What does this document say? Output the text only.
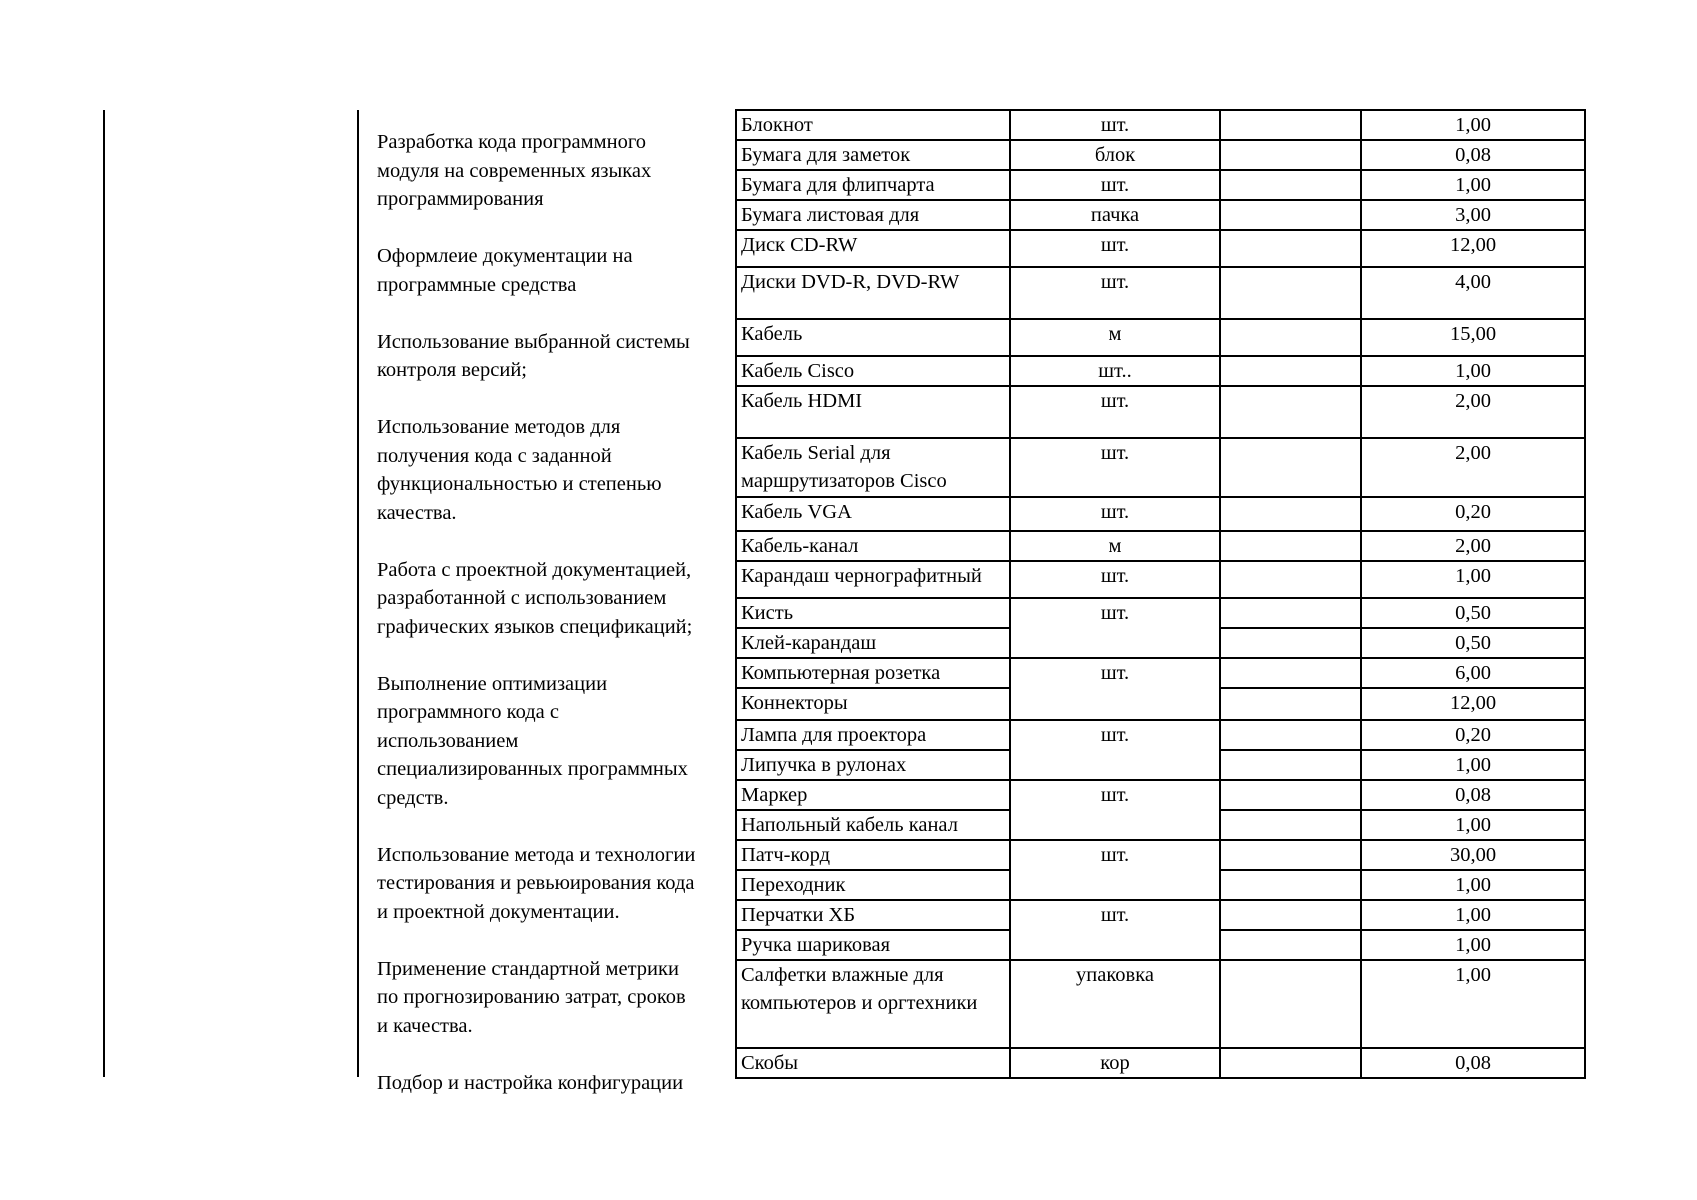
Разработка кода программного
модуля на современных языках
программирования

Оформлеие документации на
программные средства

Использование выбранной системы
контроля версий;

Использование методов для
получения кода с заданной
функциональностью и степенью
качества.

Работа с проектной документацией,
разработанной с использованием
графических языков спецификаций;

Выполнение оптимизации
программного кода с
использованием
специализированных программных
средств.

Использование метода и технологии
тестирования и ревьюирования кода
и проектной документации.

Применение стандартной метрики
по прогнозированию затрат, сроков
и качества.

Подбор и настройка конфигурации

Блокнот	шт.		1,00
Бумага для заметок	блок		0,08
Бумага для флипчарта	шт.		1,00
Бумага листовая для	пачка		3,00
Диск CD-RW	шт.		12,00
Диски DVD-R, DVD-RW	шт.		4,00
Кабель	м		15,00
Кабель Cisco	шт..		1,00
Кабель HDMI	шт.		2,00
Кабель Serial для
маршрутизаторов Cisco	шт.		2,00
Кабель VGA	шт.		0,20
Кабель-канал	м		2,00
Карандаш чернографитный	шт.		1,00
Кисть	шт.		0,50
Клей-карандаш			0,50
Компьютерная розетка	шт.		6,00
Коннекторы			12,00
Лампа для проектора	шт.		0,20
Липучка в рулонах			1,00
Маркер	шт.		0,08
Напольный кабель канал			1,00
Патч-корд	шт.		30,00
Переходник			1,00
Перчатки ХБ	шт.		1,00
Ручка шариковая			1,00
Салфетки влажные для
компьютеров и оргтехники	упаковка		1,00
Скобы	кор		0,08
